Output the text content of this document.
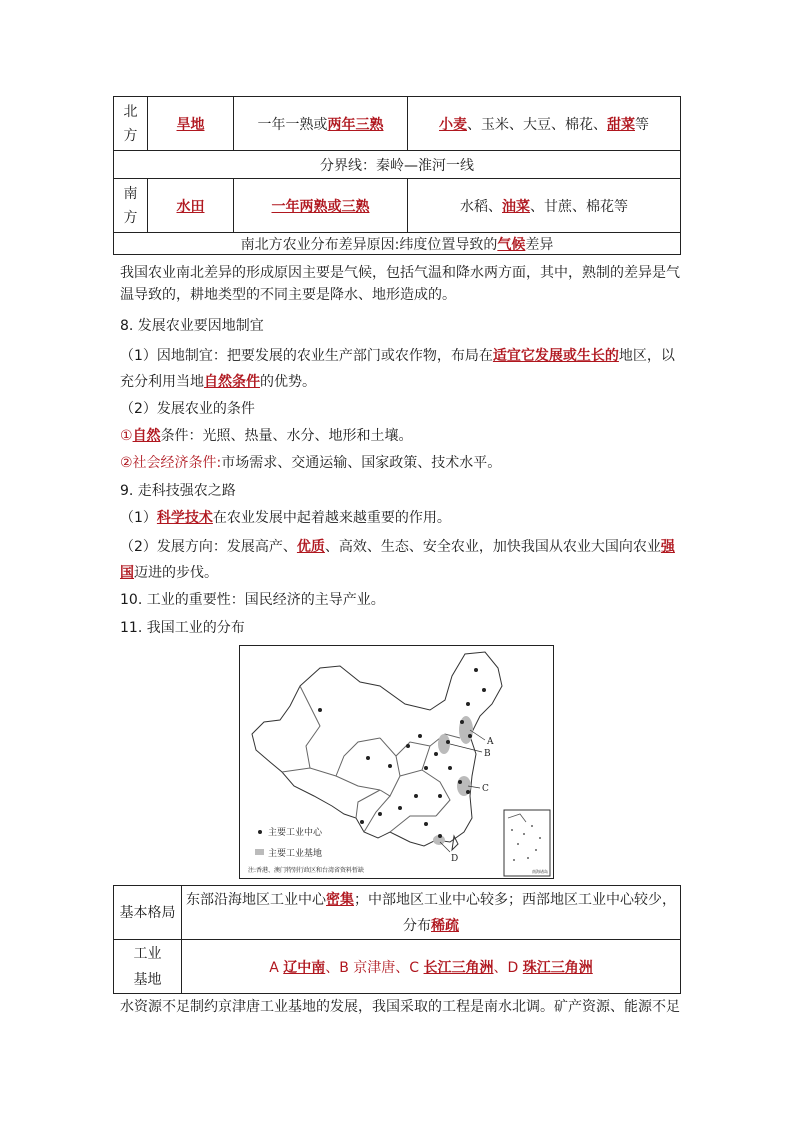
北
方	旱地	一年一熟或两年三熟	小麦、玉米、大豆、棉花、甜菜等
分界线：秦岭—淮河一线			

南
方	水田	一年两熟或三熟	水稻、油菜、甘蔗、棉花等
南北方农业分布差异原因:纬度位置导致的气候差异			
我国农业南北差异的形成原因主要是气候，包括气温和降水两方面，其中，熟制的差异是气温导致的，耕地类型的不同主要是降水、地形造成的。
8. 发展农业要因地制宜
（1）因地制宜：把要发展的农业生产部门或农作物，布局在适宜它发展或生长的地区，以充分利用当地自然条件的优势。
（2）发展农业的条件
①自然条件：光照、热量、水分、地形和土壤。
②社会经济条件:市场需求、交通运输、国家政策、技术水平。
9. 走科技强农之路
（1）科学技术在农业发展中起着越来越重要的作用。
（2）发展方向：发展高产、优质、高效、生态、安全农业，加快我国从农业大国向农业强国迈进的步伐。
10. 工业的重要性：国民经济的主导产业。
11. 我国工业的分布
A
B
C
D
主要工业中心
主要工业基地
注:香港、澳门特别行政区和台湾省资料暂缺	南海诸岛
基本格局	东部沿海地区工业中心密集；中部地区工业中心较多；西部地区工业中心较少，分布稀疏
工业基地	A 辽中南、B 京津唐、C 长江三角洲、D 珠江三角洲
水资源不足制约京津唐工业基地的发展，我国采取的工程是南水北调。矿产资源、能源不足
